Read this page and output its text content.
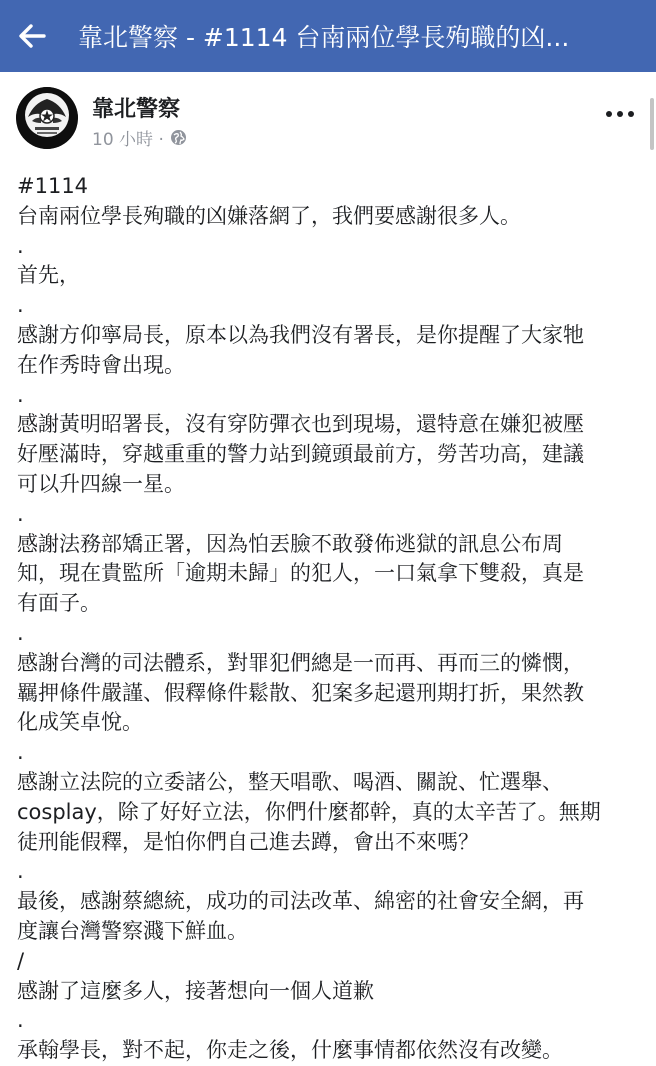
靠北警察 - #1114 台南兩位學長殉職的凶...
靠北警察
10 小時 ·
#1114
台南兩位學長殉職的凶嫌落網了，我們要感謝很多人。
.
首先，
.
感謝方仰寧局長，原本以為我們沒有署長，是你提醒了大家牠
在作秀時會出現。
.
感謝黃明昭署長，沒有穿防彈衣也到現場，還特意在嫌犯被壓
好壓滿時，穿越重重的警力站到鏡頭最前方，勞苦功高，建議
可以升四線一星。
.
感謝法務部矯正署，因為怕丟臉不敢發佈逃獄的訊息公布周
知，現在貴監所「逾期未歸」的犯人，一口氣拿下雙殺，真是
有面子。
.
感謝台灣的司法體系，對罪犯們總是一而再、再而三的憐憫，
羈押條件嚴謹、假釋條件鬆散、犯案多起還刑期打折，果然教
化成笑卓悅。
.
感謝立法院的立委諸公，整天唱歌、喝酒、關說、忙選舉、
cosplay，除了好好立法，你們什麼都幹，真的太辛苦了。無期
徒刑能假釋，是怕你們自己進去蹲，會出不來嗎？
.
最後，感謝蔡總統，成功的司法改革、綿密的社會安全網，再
度讓台灣警察濺下鮮血。
/
感謝了這麼多人，接著想向一個人道歉
.
承翰學長，對不起，你走之後，什麼事情都依然沒有改變。
